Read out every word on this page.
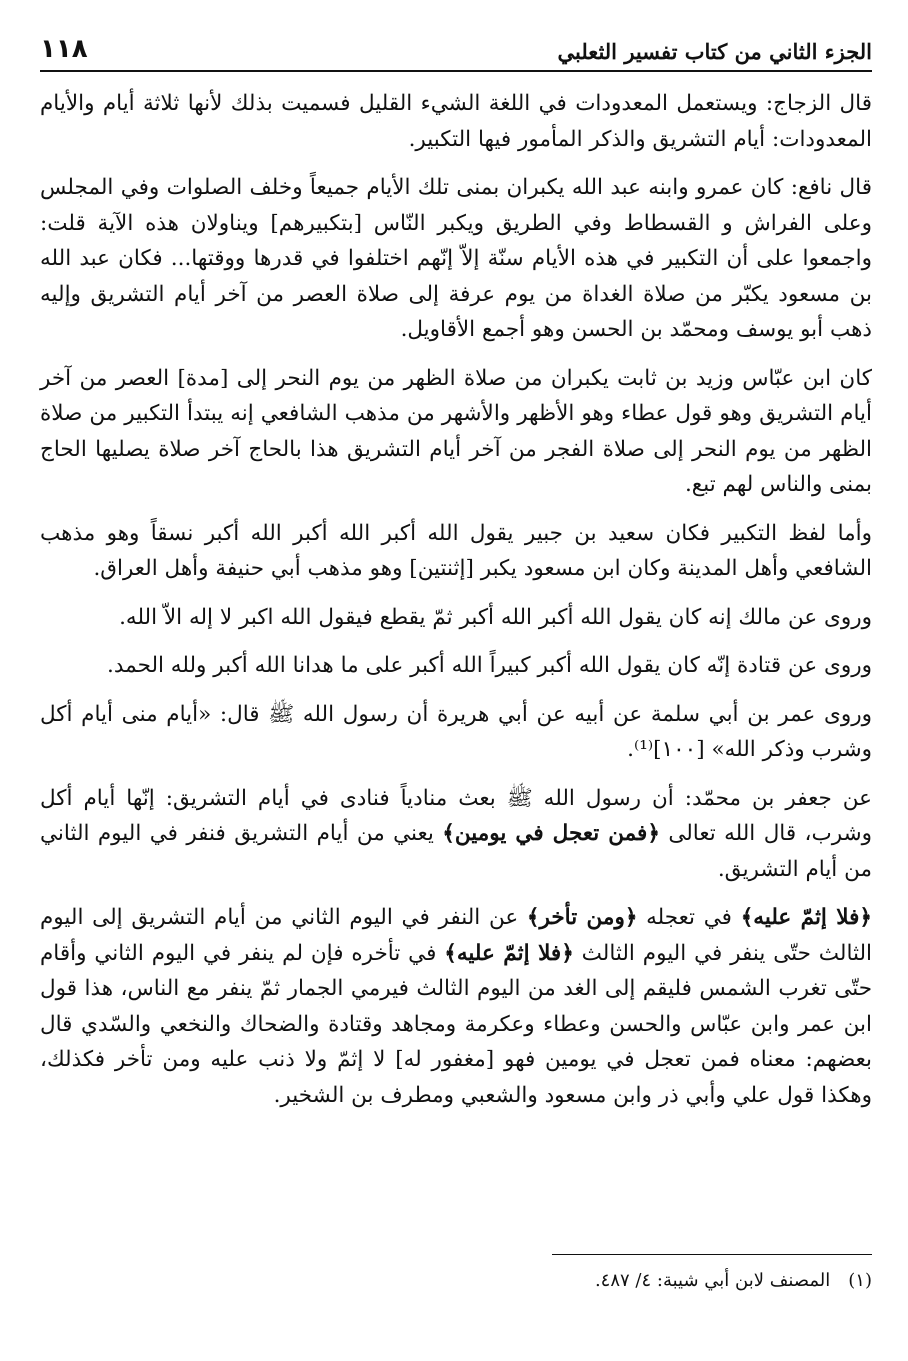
الجزء الثاني من كتاب تفسير الثعلبي
١١٨

قال الزجاج: ويستعمل المعدودات في اللغة الشيء القليل فسميت بذلك لأنها ثلاثة أيام والأيام المعدودات: أيام التشريق والذكر المأمور فيها التكبير.

قال نافع: كان عمرو وابنه عبد الله يكبران بمنى تلك الأيام جميعاً وخلف الصلوات وفي المجلس وعلى الفراش و القسطاط وفي الطريق ويكبر النّاس [بتكبيرهم] ويناولان هذه الآية قلت: واجمعوا على أن التكبير في هذه الأيام سنّة إلاّ إنّهم اختلفوا في قدرها ووقتها... فكان عبد الله بن مسعود يكبّر من صلاة الغداة من يوم عرفة إلى صلاة العصر من آخر أيام التشريق وإليه ذهب أبو يوسف ومحمّد بن الحسن وهو أجمع الأقاويل.

كان ابن عبّاس وزيد بن ثابت يكبران من صلاة الظهر من يوم النحر إلى [مدة] العصر من آخر أيام التشريق وهو قول عطاء وهو الأظهر والأشهر من مذهب الشافعي إنه يبتدأ التكبير من صلاة الظهر من يوم النحر إلى صلاة الفجر من آخر أيام التشريق هذا بالحاج آخر صلاة يصليها الحاج بمنى والناس لهم تبع.

وأما لفظ التكبير فكان سعيد بن جبير يقول الله أكبر الله أكبر الله أكبر نسقاً وهو مذهب الشافعي وأهل المدينة وكان ابن مسعود يكبر [إثنتين] وهو مذهب أبي حنيفة وأهل العراق.

وروى عن مالك إنه كان يقول الله أكبر الله أكبر ثمّ يقطع فيقول الله اكبر لا إله الاّ الله.

وروى عن قتادة إنّه كان يقول الله أكبر كبيراً الله أكبر على ما هدانا الله أكبر ولله الحمد.

وروى عمر بن أبي سلمة عن أبيه عن أبي هريرة أن رسول الله ﷺ قال: «أيام منى أيام أكل وشرب وذكر الله» [١٠٠]⁽¹⁾.

عن جعفر بن محمّد: أن رسول الله ﷺ بعث منادياً فنادى في أيام التشريق: إنّها أيام أكل وشرب، قال الله تعالى ﴿فمن تعجل في يومين﴾ يعني من أيام التشريق فنفر في اليوم الثاني من أيام التشريق.

﴿فلا إثمّ عليه﴾ في تعجله ﴿ومن تأخر﴾ عن النفر في اليوم الثاني من أيام التشريق إلى اليوم الثالث حتّى ينفر في اليوم الثالث ﴿فلا إثمّ عليه﴾ في تأخره فإن لم ينفر في اليوم الثاني وأقام حتّى تغرب الشمس فليقم إلى الغد من اليوم الثالث فيرمي الجمار ثمّ ينفر مع الناس، هذا قول ابن عمر وابن عبّاس والحسن وعطاء وعكرمة ومجاهد وقتادة والضحاك والنخعي والسّدي قال بعضهم: معناه فمن تعجل في يومين فهو [مغفور له] لا إثمّ ولا ذنب عليه ومن تأخر فكذلك، وهكذا قول علي وأبي ذر وابن مسعود والشعبي ومطرف بن الشخير.

(١)المصنف لابن أبي شيبة: ٤/ ٤٨٧.
